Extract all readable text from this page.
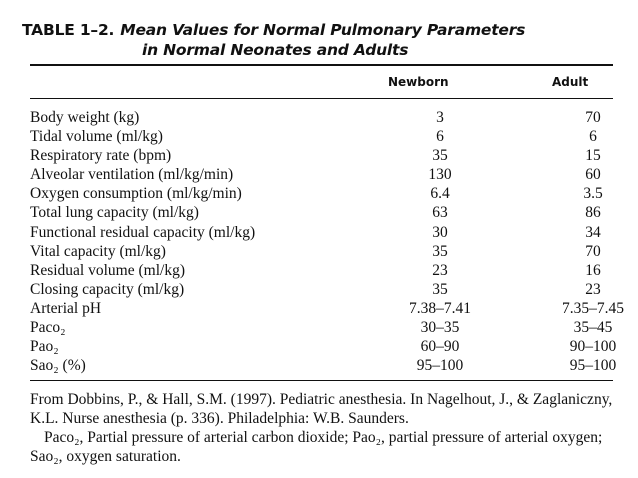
TABLE 1–2. Mean Values for Normal Pulmonary Parameters
in Normal Neonates and Adults
Newborn	Adult
Body weight (kg)	3	70
Tidal volume (ml/kg)	6	6
Respiratory rate (bpm)	35	15
Alveolar ventilation (ml/kg/min)	130	60
Oxygen consumption (ml/kg/min)	6.4	3.5
Total lung capacity (ml/kg)	63	86
Functional residual capacity (ml/kg)	30	34
Vital capacity (ml/kg)	35	70
Residual volume (ml/kg)	23	16
Closing capacity (ml/kg)	35	23
Arterial pH	7.38–7.41	7.35–7.45
Paco₂	30–35	35–45
Pao₂	60–90	90–100
Sao₂ (%)	95–100	95–100
From Dobbins, P., & Hall, S.M. (1997). Pediatric anesthesia. In Nagelhout, J., & Zaglaniczny, K.L. Nurse anesthesia (p. 336). Philadelphia: W.B. Saunders.
Paco₂, Partial pressure of arterial carbon dioxide; Pao₂, partial pressure of arterial oxygen; Sao₂, oxygen saturation.
